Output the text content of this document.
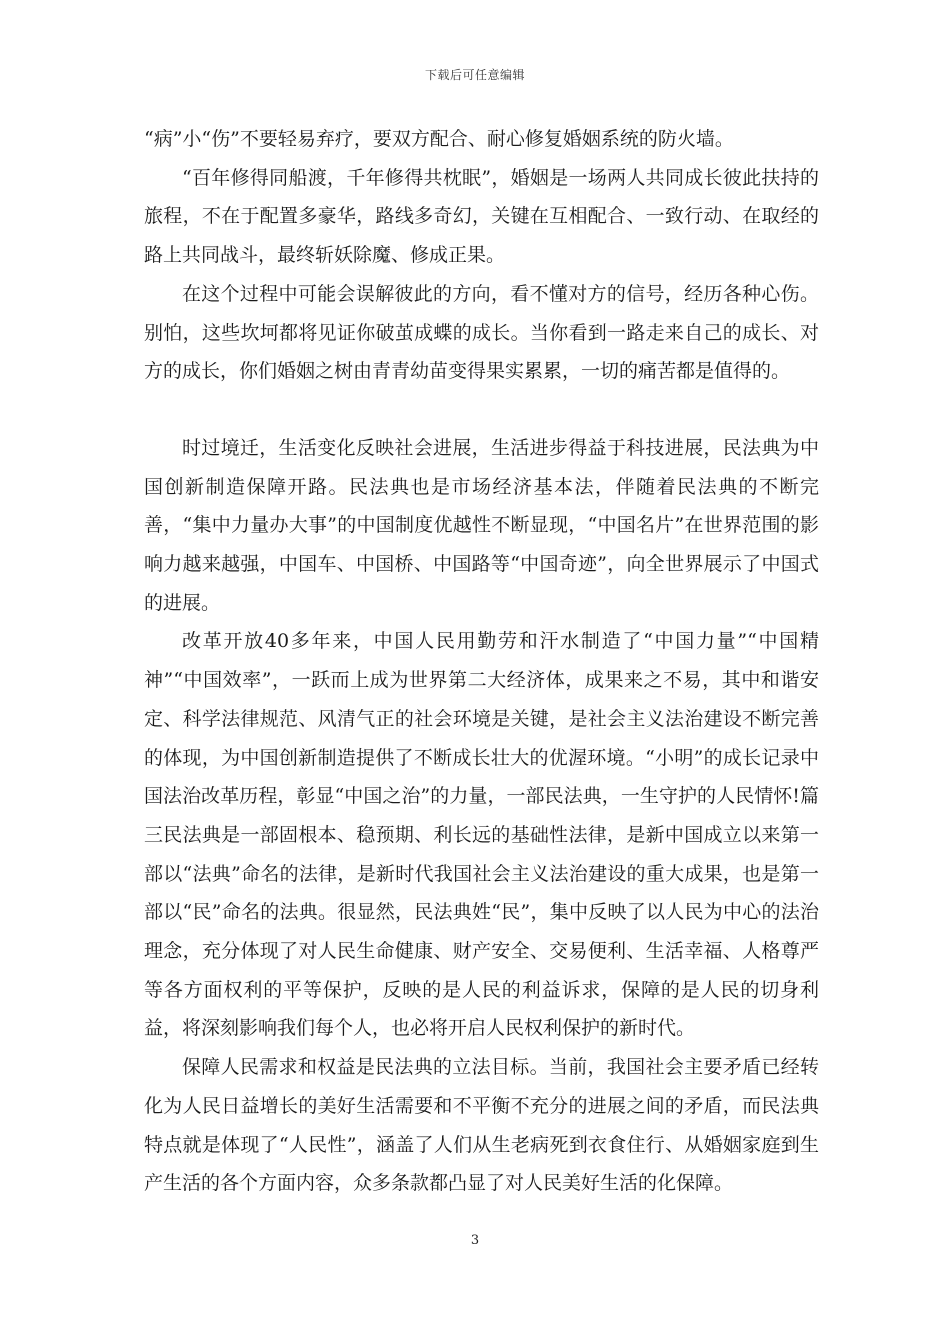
下载后可任意编辑

“病”小“伤”不要轻易弃疗，要双方配合、耐心修复婚姻系统的防火墙。

“百年修得同船渡，千年修得共枕眠”，婚姻是一场两人共同成长彼此扶持的旅程，不在于配置多豪华，路线多奇幻，关键在互相配合、一致行动、在取经的路上共同战斗，最终斩妖除魔、修成正果。

在这个过程中可能会误解彼此的方向，看不懂对方的信号，经历各种心伤。别怕，这些坎坷都将见证你破茧成蝶的成长。当你看到一路走来自己的成长、对方的成长，你们婚姻之树由青青幼苗变得果实累累，一切的痛苦都是值得的。

时过境迁，生活变化反映社会进展，生活进步得益于科技进展，民法典为中国创新制造保障开路。民法典也是市场经济基本法，伴随着民法典的不断完善，“集中力量办大事”的中国制度优越性不断显现，“中国名片”在世界范围的影响力越来越强，中国车、中国桥、中国路等“中国奇迹”，向全世界展示了中国式的进展。

改革开放40多年来，中国人民用勤劳和汗水制造了“中国力量”“中国精神”“中国效率”，一跃而上成为世界第二大经济体，成果来之不易，其中和谐安定、科学法律规范、风清气正的社会环境是关键，是社会主义法治建设不断完善的体现，为中国创新制造提供了不断成长壮大的优渥环境。“小明”的成长记录中国法治改革历程，彰显“中国之治”的力量，一部民法典，一生守护的人民情怀!篇三民法典是一部固根本、稳预期、利长远的基础性法律，是新中国成立以来第一部以“法典”命名的法律，是新时代我国社会主义法治建设的重大成果，也是第一部以“民”命名的法典。很显然，民法典姓“民”，集中反映了以人民为中心的法治理念，充分体现了对人民生命健康、财产安全、交易便利、生活幸福、人格尊严等各方面权利的平等保护，反映的是人民的利益诉求，保障的是人民的切身利益，将深刻影响我们每个人，也必将开启人民权利保护的新时代。

保障人民需求和权益是民法典的立法目标。当前，我国社会主要矛盾已经转化为人民日益增长的美好生活需要和不平衡不充分的进展之间的矛盾，而民法典特点就是体现了“人民性”，涵盖了人们从生老病死到衣食住行、从婚姻家庭到生产生活的各个方面内容，众多条款都凸显了对人民美好生活的化保障。

3
